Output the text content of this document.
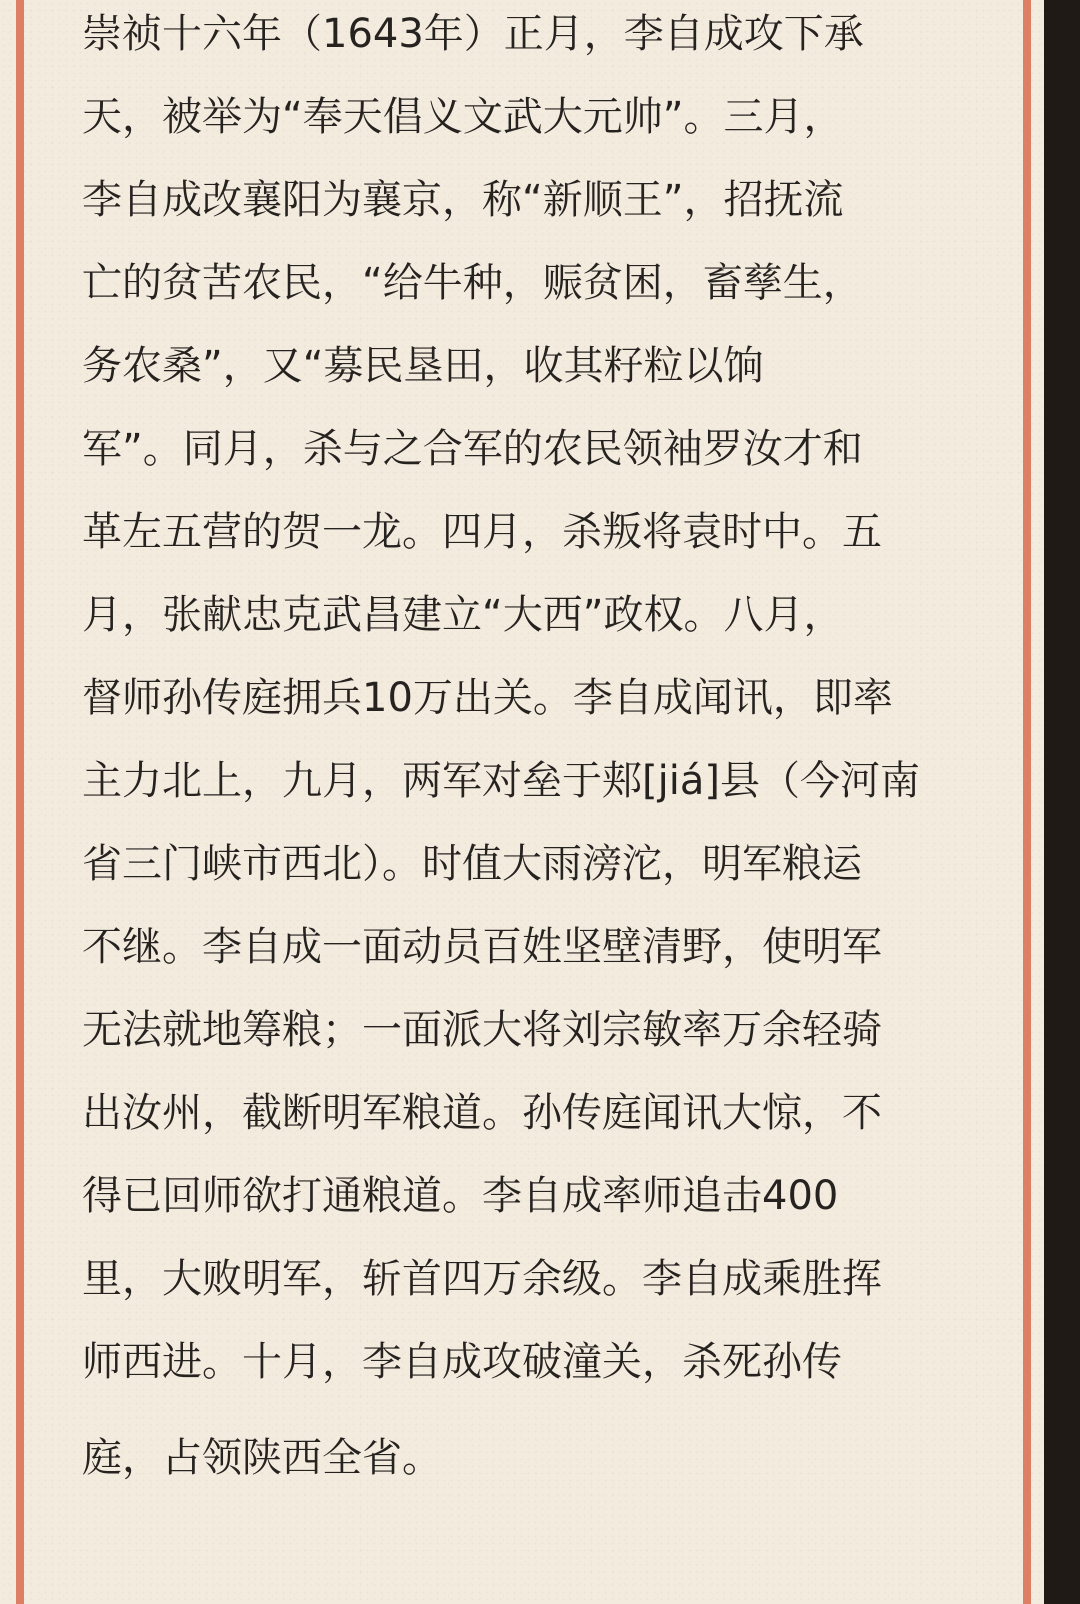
崇祯十六年（1643年）正月，李自成攻下承
天，被举为“奉天倡义文武大元帅”。三月，
李自成改襄阳为襄京，称“新顺王”，招抚流
亡的贫苦农民，“给牛种，赈贫困，畜孳生，
务农桑”，又“募民垦田，收其籽粒以饷
军”。同月，杀与之合军的农民领袖罗汝才和
革左五营的贺一龙。四月，杀叛将袁时中。五
月，张献忠克武昌建立“大西”政权。八月，
督师孙传庭拥兵10万出关。李自成闻讯，即率
主力北上，九月，两军对垒于郏[jiá]县（今河南
省三门峡市西北）。时值大雨滂沱，明军粮运
不继。李自成一面动员百姓坚壁清野，使明军
无法就地筹粮；一面派大将刘宗敏率万余轻骑
出汝州，截断明军粮道。孙传庭闻讯大惊，不
得已回师欲打通粮道。李自成率师追击400
里，大败明军，斩首四万余级。李自成乘胜挥
师西进。十月，李自成攻破潼关，杀死孙传
庭，占领陕西全省。
